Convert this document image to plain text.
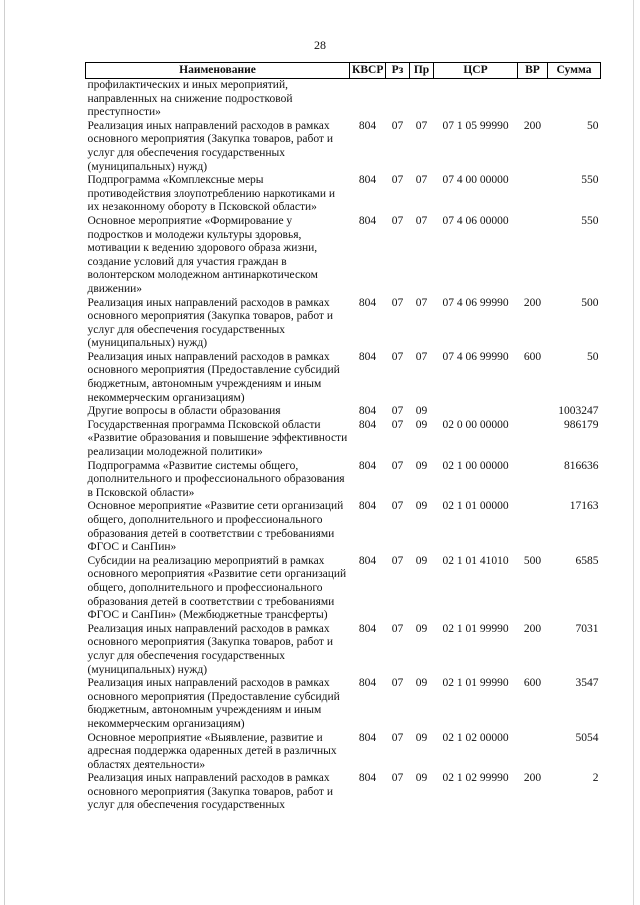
28
Наименование	КВСР	Рз	Пр	ЦСР	ВР	Сумма
профилактических и иных мероприятий, направленных на снижение подростковой преступности»						
Реализация иных направлений расходов в рамках основного мероприятия (Закупка товаров, работ и услуг для обеспечения государственных (муниципальных) нужд)	804	07	07	07 1 05 99990	200	50
Подпрограмма «Комплексные меры противодействия злоупотреблению наркотиками и их незаконному обороту в Псковской области»	804	07	07	07 4 00 00000		550
Основное мероприятие «Формирование у подростков и молодежи культуры здоровья, мотивации к ведению здорового образа жизни, создание условий для участия граждан в волонтерском молодежном антинаркотическом движении»	804	07	07	07 4 06 00000		550
Реализация иных направлений расходов в рамках основного мероприятия (Закупка товаров, работ и услуг для обеспечения государственных (муниципальных) нужд)	804	07	07	07 4 06 99990	200	500
Реализация иных направлений расходов в рамках основного мероприятия (Предоставление субсидий бюджетным, автономным учреждениям и иным некоммерческим организациям)	804	07	07	07 4 06 99990	600	50
Другие вопросы в области образования	804	07	09			1003247
Государственная программа Псковской области «Развитие образования и повышение эффективности реализации молодежной политики»	804	07	09	02 0 00 00000		986179
Подпрограмма «Развитие системы общего, дополнительного и профессионального образования в Псковской области»	804	07	09	02 1 00 00000		816636
Основное мероприятие «Развитие сети организаций общего, дополнительного и профессионального образования детей в соответствии с требованиями ФГОС и СанПин»	804	07	09	02 1 01 00000		17163
Субсидии на реализацию мероприятий в рамках основного мероприятия «Развитие сети организаций общего, дополнительного и профессионального образования детей в соответствии с требованиями ФГОС и СанПин» (Межбюджетные трансферты)	804	07	09	02 1 01 41010	500	6585
Реализация иных направлений расходов в рамках основного мероприятия (Закупка товаров, работ и услуг для обеспечения государственных (муниципальных) нужд)	804	07	09	02 1 01 99990	200	7031
Реализация иных направлений расходов в рамках основного мероприятия (Предоставление субсидий бюджетным, автономным учреждениям и иным некоммерческим организациям)	804	07	09	02 1 01 99990	600	3547
Основное мероприятие «Выявление, развитие и адресная поддержка одаренных детей в различных областях деятельности»	804	07	09	02 1 02 00000		5054
Реализация иных направлений расходов в рамках основного мероприятия (Закупка товаров, работ и услуг для обеспечения государственных	804	07	09	02 1 02 99990	200	2
